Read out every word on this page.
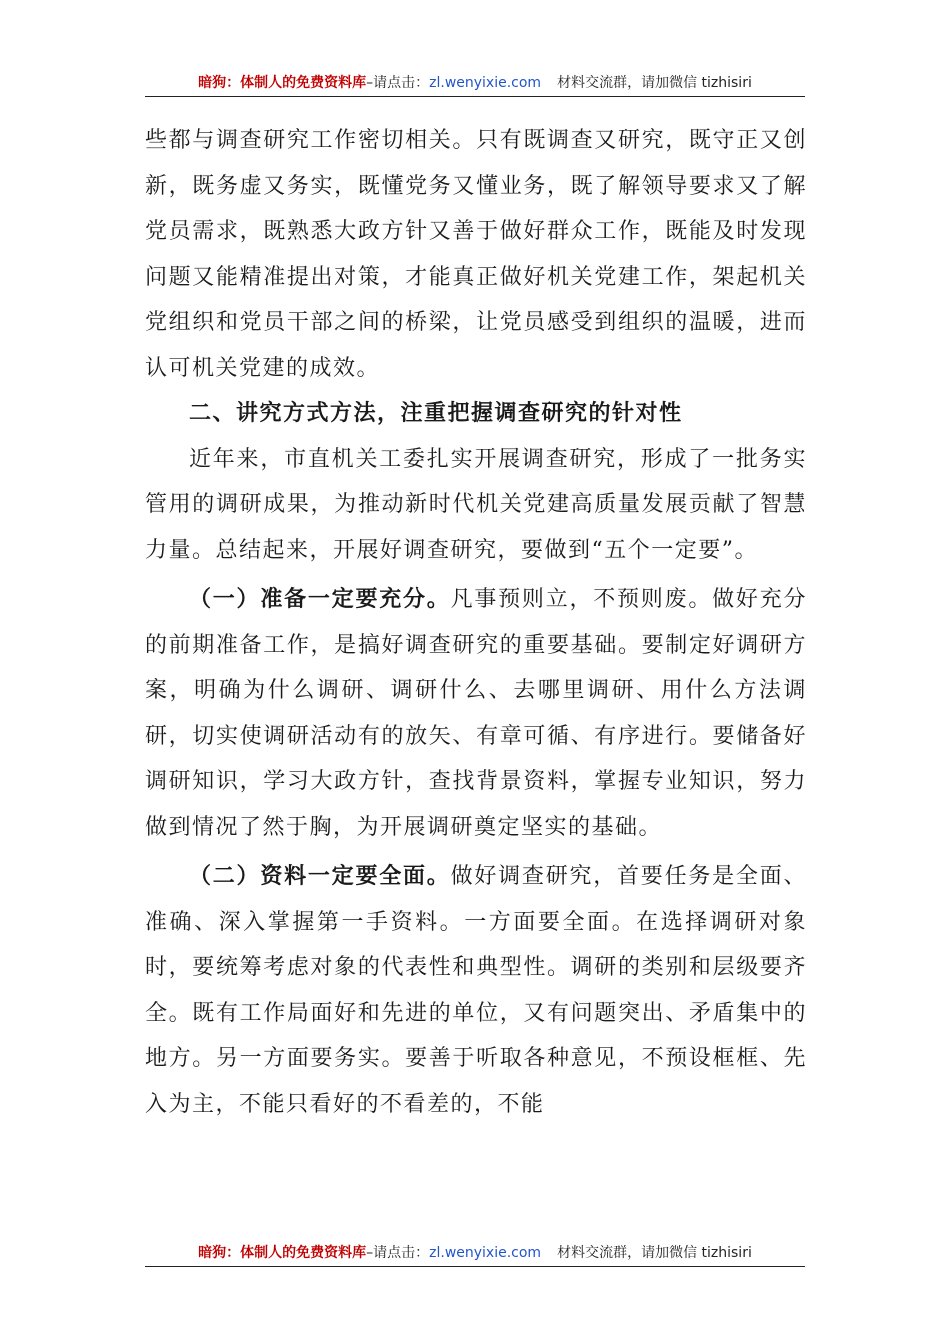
暗狗：体制人的免费资料库–请点击：zl.wenyixie.com 材料交流群，请加微信 tizhisiri

些都与调查研究工作密切相关。只有既调查又研究，既守正又创新，既务虚又务实，既懂党务又懂业务，既了解领导要求又了解党员需求，既熟悉大政方针又善于做好群众工作，既能及时发现问题又能精准提出对策，才能真正做好机关党建工作，架起机关党组织和党员干部之间的桥梁，让党员感受到组织的温暖，进而认可机关党建的成效。

二、讲究方式方法，注重把握调查研究的针对性

近年来，市直机关工委扎实开展调查研究，形成了一批务实管用的调研成果，为推动新时代机关党建高质量发展贡献了智慧力量。总结起来，开展好调查研究，要做到“五个一定要”。

（一）准备一定要充分。凡事预则立，不预则废。做好充分的前期准备工作，是搞好调查研究的重要基础。要制定好调研方案，明确为什么调研、调研什么、去哪里调研、用什么方法调研，切实使调研活动有的放矢、有章可循、有序进行。要储备好调研知识，学习大政方针，查找背景资料，掌握专业知识，努力做到情况了然于胸，为开展调研奠定坚实的基础。

（二）资料一定要全面。做好调查研究，首要任务是全面、准确、深入掌握第一手资料。一方面要全面。在选择调研对象时，要统筹考虑对象的代表性和典型性。调研的类别和层级要齐全。既有工作局面好和先进的单位，又有问题突出、矛盾集中的地方。另一方面要务实。要善于听取各种意见，不预设框框、先入为主，不能只看好的不看差的，不能

暗狗：体制人的免费资料库–请点击：zl.wenyixie.com 材料交流群，请加微信 tizhisiri
